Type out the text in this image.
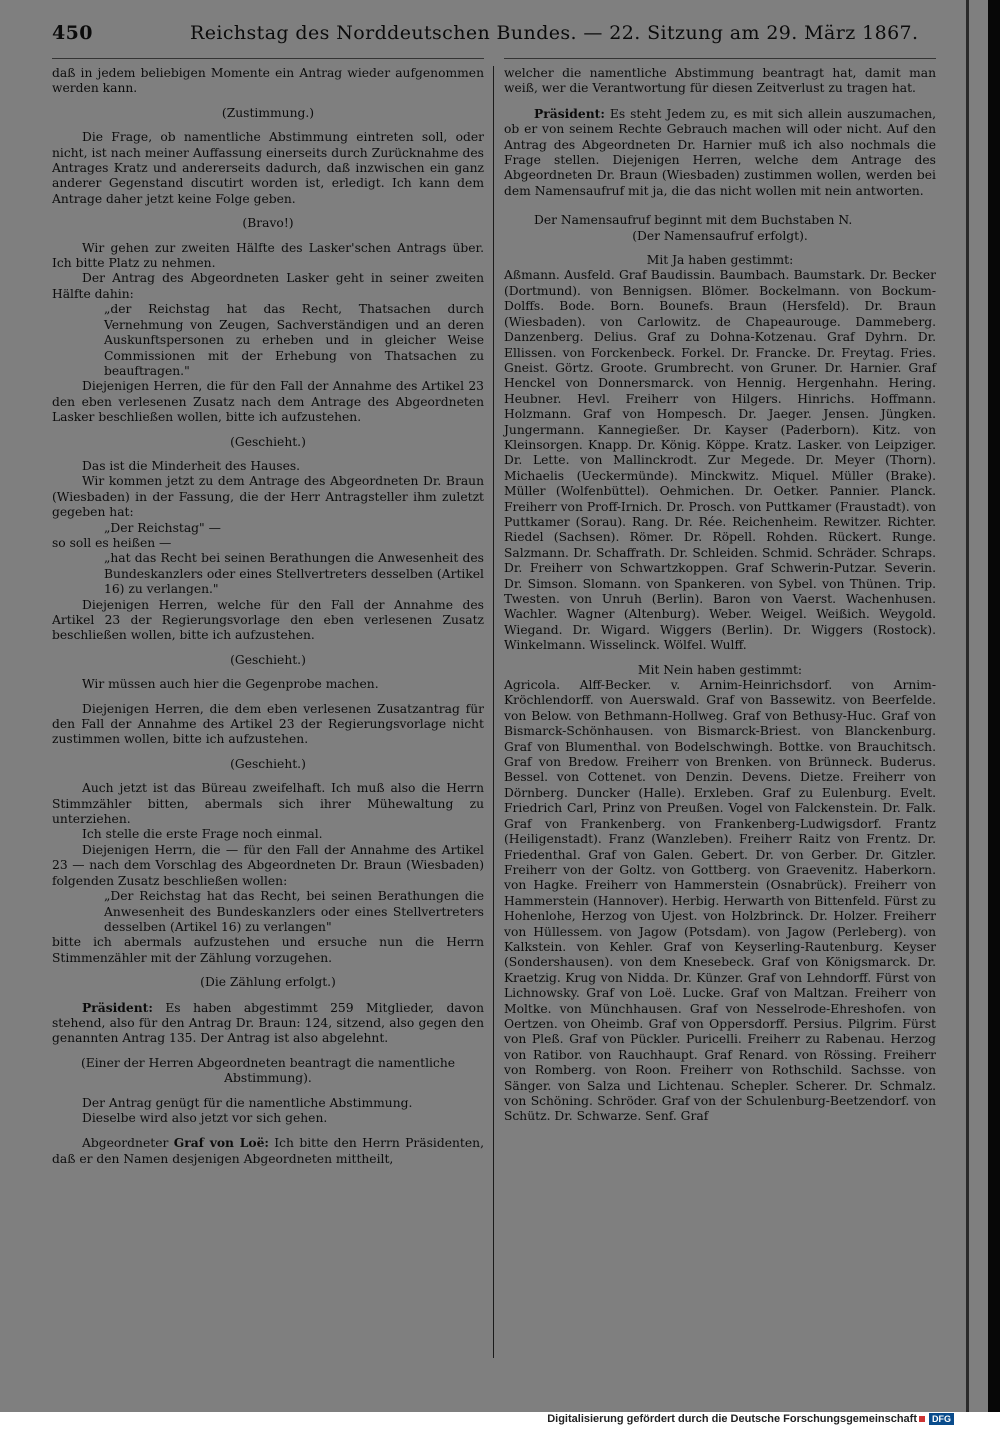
450	Reichstag des Norddeutschen Bundes. — 22. Sitzung am 29. März 1867.

daß in jedem beliebigen Momente ein Antrag wieder aufgenommen werden kann.

(Zustimmung.)

Die Frage, ob namentliche Abstimmung eintreten soll, oder nicht, ist nach meiner Auffassung einerseits durch Zurücknahme des Antrages Kratz und andererseits dadurch, daß inzwischen ein ganz anderer Gegenstand discutirt worden ist, erledigt. Ich kann dem Antrage daher jetzt keine Folge geben.

(Bravo!)

Wir gehen zur zweiten Hälfte des Lasker'schen Antrags über. Ich bitte Platz zu nehmen.

Der Antrag des Abgeordneten Lasker geht in seiner zweiten Hälfte dahin:

„der Reichstag hat das Recht, Thatsachen durch Vernehmung von Zeugen, Sachverständigen und an deren Auskunftspersonen zu erheben und in gleicher Weise Commissionen mit der Erhebung von Thatsachen zu beauftragen."

Diejenigen Herren, die für den Fall der Annahme des Artikel 23 den eben verlesenen Zusatz nach dem Antrage des Abgeordneten Lasker beschließen wollen, bitte ich aufzustehen.

(Geschieht.)

Das ist die Minderheit des Hauses.

Wir kommen jetzt zu dem Antrage des Abgeordneten Dr. Braun (Wiesbaden) in der Fassung, die der Herr Antragsteller ihm zuletzt gegeben hat:

„Der Reichstag" —

so soll es heißen —

„hat das Recht bei seinen Berathungen die Anwesenheit des Bundeskanzlers oder eines Stellvertreters desselben (Artikel 16) zu verlangen."

Diejenigen Herren, welche für den Fall der Annahme des Artikel 23 der Regierungsvorlage den eben verlesenen Zusatz beschließen wollen, bitte ich aufzustehen.

(Geschieht.)

Wir müssen auch hier die Gegenprobe machen.

Diejenigen Herren, die dem eben verlesenen Zusatzantrag für den Fall der Annahme des Artikel 23 der Regierungsvorlage nicht zustimmen wollen, bitte ich aufzustehen.

(Geschieht.)

Auch jetzt ist das Büreau zweifelhaft. Ich muß also die Herrn Stimmzähler bitten, abermals sich ihrer Mühewaltung zu unterziehen.

Ich stelle die erste Frage noch einmal.

Diejenigen Herrn, die — für den Fall der Annahme des Artikel 23 — nach dem Vorschlag des Abgeordneten Dr. Braun (Wiesbaden) folgenden Zusatz beschließen wollen:

„Der Reichstag hat das Recht, bei seinen Berathungen die Anwesenheit des Bundeskanzlers oder eines Stellvertreters desselben (Artikel 16) zu verlangen"

bitte ich abermals aufzustehen und ersuche nun die Herrn Stimmenzähler mit der Zählung vorzugehen.

(Die Zählung erfolgt.)

Präsident: Es haben abgestimmt 259 Mitglieder, davon stehend, also für den Antrag Dr. Braun: 124, sitzend, also gegen den genannten Antrag 135. Der Antrag ist also abgelehnt.

(Einer der Herren Abgeordneten beantragt die namentliche Abstimmung).

Der Antrag genügt für die namentliche Abstimmung.

Dieselbe wird also jetzt vor sich gehen.

Abgeordneter Graf von Loë: Ich bitte den Herrn Präsidenten, daß er den Namen desjenigen Abgeordneten mittheilt,

welcher die namentliche Abstimmung beantragt hat, damit man weiß, wer die Verantwortung für diesen Zeitverlust zu tragen hat.

Präsident: Es steht Jedem zu, es mit sich allein auszumachen, ob er von seinem Rechte Gebrauch machen will oder nicht. Auf den Antrag des Abgeordneten Dr. Harnier muß ich also nochmals die Frage stellen. Diejenigen Herren, welche dem Antrage des Abgeordneten Dr. Braun (Wiesbaden) zustimmen wollen, werden bei dem Namensaufruf mit ja, die das nicht wollen mit nein antworten.

Der Namensaufruf beginnt mit dem Buchstaben N.

(Der Namensaufruf erfolgt).

Mit Ja haben gestimmt:

Aßmann. Ausfeld. Graf Baudissin. Baumbach. Baumstark. Dr. Becker (Dortmund). von Bennigsen. Blömer. Bockelmann. von Bockum-Dolffs. Bode. Born. Bounefs. Braun (Hersfeld). Dr. Braun (Wiesbaden). von Carlowitz. de Chapeaurouge. Dammeberg. Danzenberg. Delius. Graf zu Dohna-Kotzenau. Graf Dyhrn. Dr. Ellissen. von Forckenbeck. Forkel. Dr. Francke. Dr. Freytag. Fries. Gneist. Görtz. Groote. Grumbrecht. von Gruner. Dr. Harnier. Graf Henckel von Donnersmarck. von Hennig. Hergenhahn. Hering. Heubner. Hevl. Freiherr von Hilgers. Hinrichs. Hoffmann. Holzmann. Graf von Hompesch. Dr. Jaeger. Jensen. Jüngken. Jungermann. Kannegießer. Dr. Kayser (Paderborn). Kitz. von Kleinsorgen. Knapp. Dr. König. Köppe. Kratz. Lasker. von Leipziger. Dr. Lette. von Mallinckrodt. Zur Megede. Dr. Meyer (Thorn). Michaelis (Ueckermünde). Minckwitz. Miquel. Müller (Brake). Müller (Wolfenbüttel). Oehmichen. Dr. Oetker. Pannier. Planck. Freiherr von Proff-Irnich. Dr. Prosch. von Puttkamer (Fraustadt). von Puttkamer (Sorau). Rang. Dr. Rée. Reichenheim. Rewitzer. Richter. Riedel (Sachsen). Römer. Dr. Röpell. Rohden. Rückert. Runge. Salzmann. Dr. Schaffrath. Dr. Schleiden. Schmid. Schräder. Schraps. Dr. Freiherr von Schwartzkoppen. Graf Schwerin-Putzar. Severin. Dr. Simson. Slomann. von Spankeren. von Sybel. von Thünen. Trip. Twesten. von Unruh (Berlin). Baron von Vaerst. Wachenhusen. Wachler. Wagner (Altenburg). Weber. Weigel. Weißich. Weygold. Wiegand. Dr. Wigard. Wiggers (Berlin). Dr. Wiggers (Rostock). Winkelmann. Wisselinck. Wölfel. Wulff.

Mit Nein haben gestimmt:

Agricola. Alff-Becker. v. Arnim-Heinrichsdorf. von Arnim-Kröchlendorff. von Auerswald. Graf von Bassewitz. von Beerfelde. von Below. von Bethmann-Hollweg. Graf von Bethusy-Huc. Graf von Bismarck-Schönhausen. von Bismarck-Briest. von Blanckenburg. Graf von Blumenthal. von Bodelschwingh. Bottke. von Brauchitsch. Graf von Bredow. Freiherr von Brenken. von Brünneck. Buderus. Bessel. von Cottenet. von Denzin. Devens. Dietze. Freiherr von Dörnberg. Duncker (Halle). Erxleben. Graf zu Eulenburg. Evelt. Friedrich Carl, Prinz von Preußen. Vogel von Falckenstein. Dr. Falk. Graf von Frankenberg. von Frankenberg-Ludwigsdorf. Frantz (Heiligenstadt). Franz (Wanzleben). Freiherr Raitz von Frentz. Dr. Friedenthal. Graf von Galen. Gebert. Dr. von Gerber. Dr. Gitzler. Freiherr von der Goltz. von Gottberg. von Graevenitz. Haberkorn. von Hagke. Freiherr von Hammerstein (Osnabrück). Freiherr von Hammerstein (Hannover). Herbig. Herwarth von Bittenfeld. Fürst zu Hohenlohe, Herzog von Ujest. von Holzbrinck. Dr. Holzer. Freiherr von Hüllessem. von Jagow (Potsdam). von Jagow (Perleberg). von Kalkstein. von Kehler. Graf von Keyserling-Rautenburg. Keyser (Sondershausen). von dem Knesebeck. Graf von Königsmarck. Dr. Kraetzig. Krug von Nidda. Dr. Künzer. Graf von Lehndorff. Fürst von Lichnowsky. Graf von Loë. Lucke. Graf von Maltzan. Freiherr von Moltke. von Münchhausen. Graf von Nesselrode-Ehreshofen. von Oertzen. von Oheimb. Graf von Oppersdorff. Persius. Pilgrim. Fürst von Pleß. Graf von Pückler. Puricelli. Freiherr zu Rabenau. Herzog von Ratibor. von Rauchhaupt. Graf Renard. von Rössing. Freiherr von Romberg. von Roon. Freiherr von Rothschild. Sachsse. von Sänger. von Salza und Lichtenau. Schepler. Scherer. Dr. Schmalz. von Schöning. Schröder. Graf von der Schulenburg-Beetzendorf. von Schütz. Dr. Schwarze. Senf. Graf

Digitalisierung gefördert durch die Deutsche Forschungsgemeinschaft	DFG
